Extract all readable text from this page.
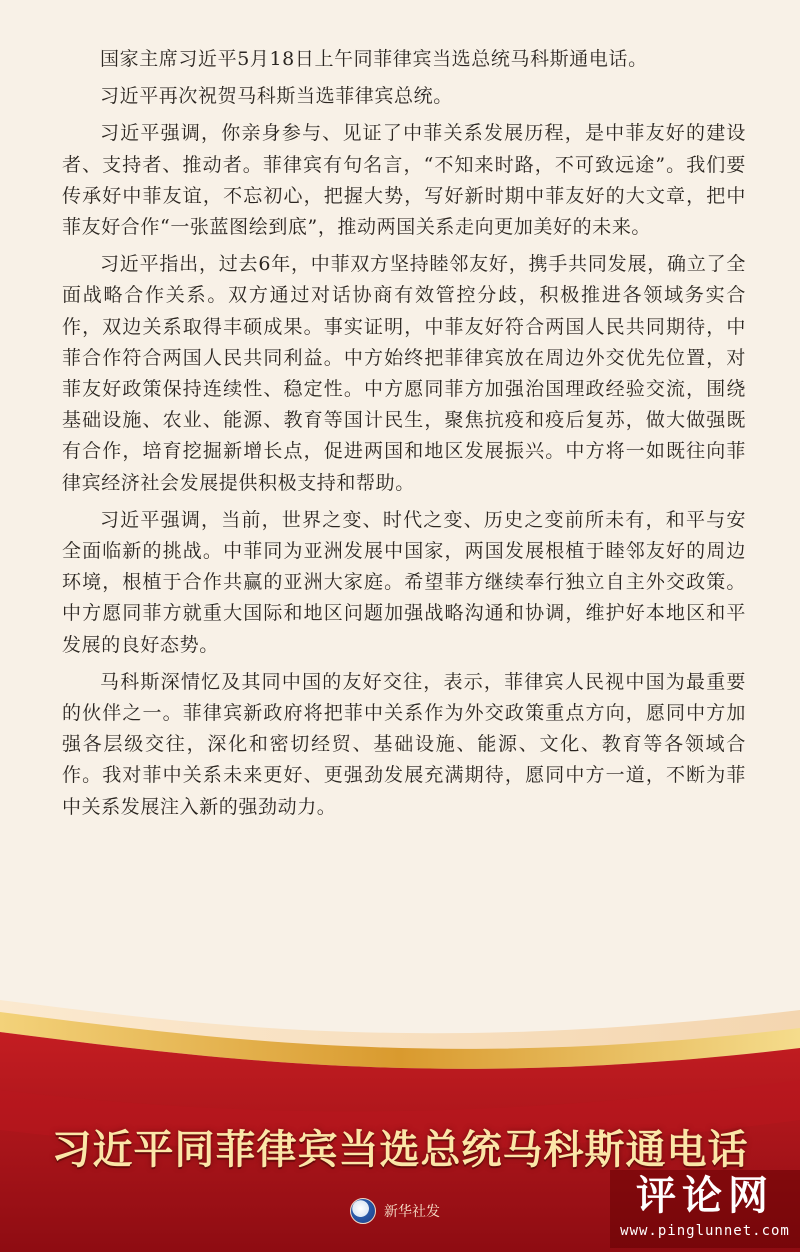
国家主席习近平5月18日上午同菲律宾当选总统马科斯通电话。

习近平再次祝贺马科斯当选菲律宾总统。

习近平强调，你亲身参与、见证了中菲关系发展历程，是中菲友好的建设者、支持者、推动者。菲律宾有句名言，“不知来时路，不可致远途”。我们要传承好中菲友谊，不忘初心，把握大势，写好新时期中菲友好的大文章，把中菲友好合作“一张蓝图绘到底”，推动两国关系走向更加美好的未来。

习近平指出，过去6年，中菲双方坚持睦邻友好，携手共同发展，确立了全面战略合作关系。双方通过对话协商有效管控分歧，积极推进各领域务实合作，双边关系取得丰硕成果。事实证明，中菲友好符合两国人民共同期待，中菲合作符合两国人民共同利益。中方始终把菲律宾放在周边外交优先位置，对菲友好政策保持连续性、稳定性。中方愿同菲方加强治国理政经验交流，围绕基础设施、农业、能源、教育等国计民生，聚焦抗疫和疫后复苏，做大做强既有合作，培育挖掘新增长点，促进两国和地区发展振兴。中方将一如既往向菲律宾经济社会发展提供积极支持和帮助。

习近平强调，当前，世界之变、时代之变、历史之变前所未有，和平与安全面临新的挑战。中菲同为亚洲发展中国家，两国发展根植于睦邻友好的周边环境，根植于合作共赢的亚洲大家庭。希望菲方继续奉行独立自主外交政策。中方愿同菲方就重大国际和地区问题加强战略沟通和协调，维护好本地区和平发展的良好态势。

马科斯深情忆及其同中国的友好交往，表示，菲律宾人民视中国为最重要的伙伴之一。菲律宾新政府将把菲中关系作为外交政策重点方向，愿同中方加强各层级交往，深化和密切经贸、基础设施、能源、文化、教育等各领域合作。我对菲中关系未来更好、更强劲发展充满期待，愿同中方一道，不断为菲中关系发展注入新的强劲动力。

习近平同菲律宾当选总统马科斯通电话
新华社发	评论网
www.pinglunnet.com
